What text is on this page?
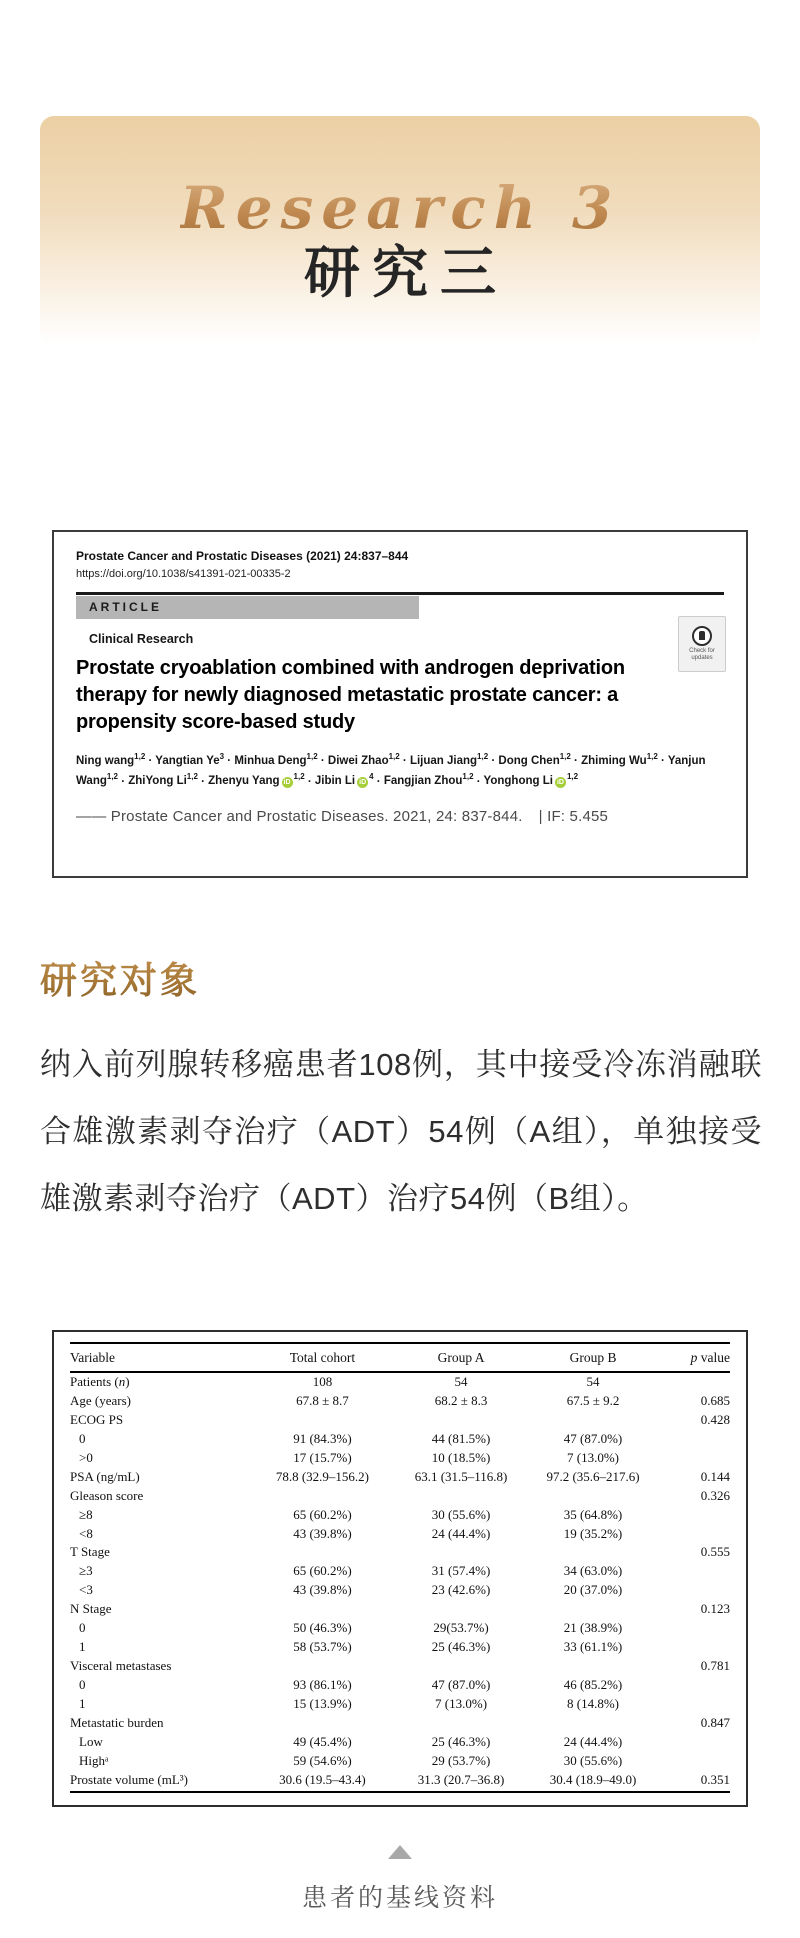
Research 3
研究三
Prostate Cancer and Prostatic Diseases (2021) 24:837–844
https://doi.org/10.1038/s41391-021-00335-2
ARTICLE
Clinical Research
Prostate cryoablation combined with androgen deprivation therapy for newly diagnosed metastatic prostate cancer: a propensity score-based study
Ning wang$^{1,2}$ · Yangtian $Ye^3$ · Minhua Deng$^{1,2}$ · Diwei Zhao$^{1,2}$ · Lijuan Jiang$^{1,2}$ · Dong Chen$^{1,2}$ · Zhiming Wu$^{1,2}$ · Yanjun Wang$^{1,2}$ · ZhiYong Li$^{1,2}$ · Zhenyu Yang iD$^{1,2}$ · Jibin Li $iD^4$ · Fangjian Zhou$^{1,2}$ · Yonghong Li iD$^{1,2}$
—— Prostate Cancer and Prostatic Diseases. 2021, 24: 837-844. | IF: 5.455
Check for
updates
研究对象
纳入前列腺转移癌患者108例，其中接受冷冻消融联合雄激素剥夺治疗（ADT）54例（A组），单独接受雄激素剥夺治疗（ADT）治疗54例（B组）。
Variable	Total cohort	Group A	Group B	p value
Patients (n)	108	54	54	
Age (years)	67.8 ± 8.7	68.2 ± 8.3	67.5 ± 9.2	0.685
ECOG PS				0.428
0	91 (84.3%)	44 (81.5%)	47 (87.0%)	
>0	17 (15.7%)	10 (18.5%)	7 (13.0%)	
PSA (ng/mL)	78.8 (32.9–156.2)	63.1 (31.5–116.8)	97.2 (35.6–217.6)	0.144
Gleason score				0.326
≥8	65 (60.2%)	30 (55.6%)	35 (64.8%)	
<8	43 (39.8%)	24 (44.4%)	19 (35.2%)	
T Stage				0.555
≥3	65 (60.2%)	31 (57.4%)	34 (63.0%)	
<3	43 (39.8%)	23 (42.6%)	20 (37.0%)	
N Stage				0.123
0	50 (46.3%)	29(53.7%)	21 (38.9%)	
1	58 (53.7%)	25 (46.3%)	33 (61.1%)	
Visceral metastases				0.781
0	93 (86.1%)	47 (87.0%)	46 (85.2%)	
1	15 (13.9%)	7 (13.0%)	8 (14.8%)	
Metastatic burden				0.847
Low	49 (45.4%)	25 (46.3%)	24 (44.4%)	
Highᵃ	59 (54.6%)	29 (53.7%)	30 (55.6%)	
Prostate volume (mL³)	30.6 (19.5–43.4)	31.3 (20.7–36.8)	30.4 (18.9–49.0)	0.351
患者的基线资料
